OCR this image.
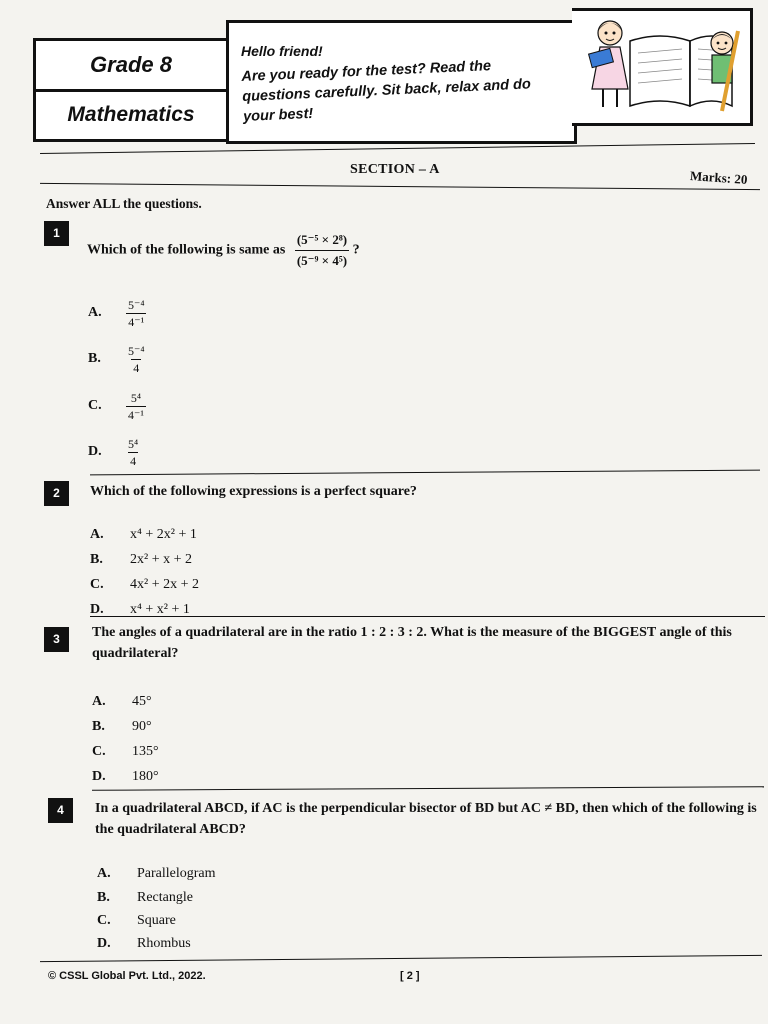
Grade 8
Mathematics
Hello friend!
Are you ready for the test? Read the questions carefully. Sit back, relax and do your best!
SECTION – A	Marks: 20
Answer ALL the questions.
1
Which of the following is same as $\frac{\text{(5⁻⁵ × 2⁸)}}{\text{(5⁻⁹ × 4⁵)}}$ ?
A. $\frac{\text{5⁻⁴}}{\text{4⁻¹}}$
B. $\frac{\text{5⁻⁴}}{4}$
C. $\frac{\text{5⁴}}{\text{4⁻¹}}$
D. $\frac{\text{5⁴}}{4}$
2	Which of the following expressions is a perfect square?
A. x⁴ + 2x² + 1
B. 2x² + x + 2
C. 4x² + 2x + 2
D. x⁴ + x² + 1
3	The angles of a quadrilateral are in the ratio 1 : 2 : 3 : 2. What is the measure of the BIGGEST angle of this quadrilateral?
A. 45°
B. 90°
C. 135°
D. 180°
4	In a quadrilateral ABCD, if AC is the perpendicular bisector of BD but AC ≠ BD, then which of the following is the quadrilateral ABCD?
A. Parallelogram
B. Rectangle
C. Square
D. Rhombus
© CSSL Global Pvt. Ltd., 2022.	[ 2 ]
